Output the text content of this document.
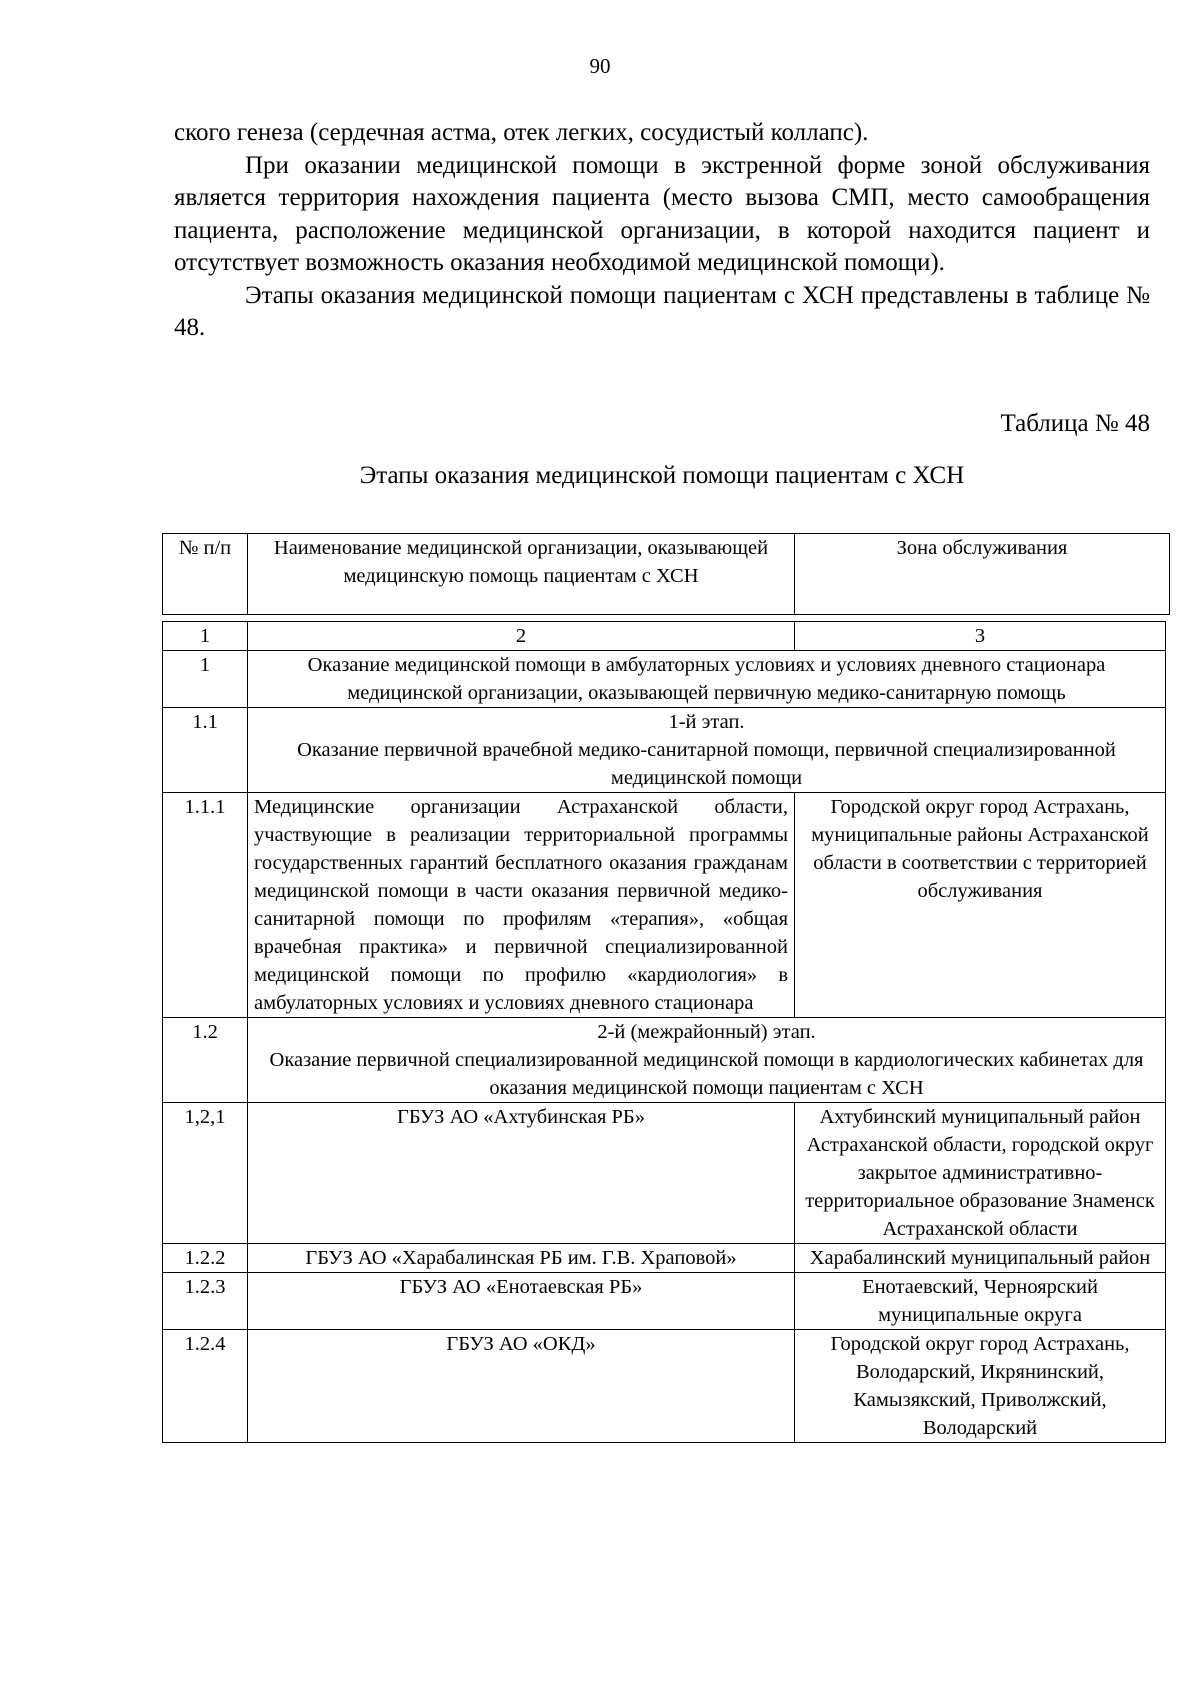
90

ского генеза (сердечная астма, отек легких, сосудистый коллапс).

При оказании медицинской помощи в экстренной форме зоной обслуживания является территория нахождения пациента (место вызова СМП, место самообращения пациента, расположение медицинской организации, в которой находится пациент и отсутствует возможность оказания необходимой медицинской помощи).

Этапы оказания медицинской помощи пациентам с ХСН представлены в таблице № 48.

Таблица № 48
Этапы оказания медицинской помощи пациентам с ХСН
№ п/п	Наименование медицинской организации, оказывающей медицинскую помощь пациентам с ХСН	Зона обслуживания
1	2	3
1	Оказание медицинской помощи в амбулаторных условиях и условиях дневного стационара медицинской организации, оказывающей первичную медико-санитарную помощь	
1.1	1-й этап.
Оказание первичной врачебной медико-санитарной помощи, первичной специализированной медицинской помощи	

1.1.1	Медицинские организации Астраханской области, участвующие в реализации территориальной программы государственных гарантий бесплатного оказания гражданам медицинской помощи в части оказания первичной медико-санитарной помощи по профилям «терапия», «общая врачебная практика» и первичной специализированной медицинской помощи по профилю «кардиология» в амбулаторных условиях и условиях дневного стационара	Городской округ город Астрахань, муниципальные районы Астраханской области в соответствии с территорией обслуживания
1.2	2-й (межрайонный) этап.
Оказание первичной специализированной медицинской помощи в кардиологических кабинетах для оказания медицинской помощи пациентам с ХСН	

1,2,1	ГБУЗ АО «Ахтубинская РБ»	Ахтубинский муниципальный район Астраханской области, городской округ закрытое административно-территориальное образование Знаменск Астраханской области
1.2.2	ГБУЗ АО «Харабалинская РБ им. Г.В. Храповой»	Харабалинский муниципальный район
1.2.3	ГБУЗ АО «Енотаевская РБ»	Енотаевский, Черноярский муниципальные округа
1.2.4	ГБУЗ АО «ОКД»	Городской округ город Астрахань, Володарский, Икрянинский, Камызякский, Приволжский, Володарский
